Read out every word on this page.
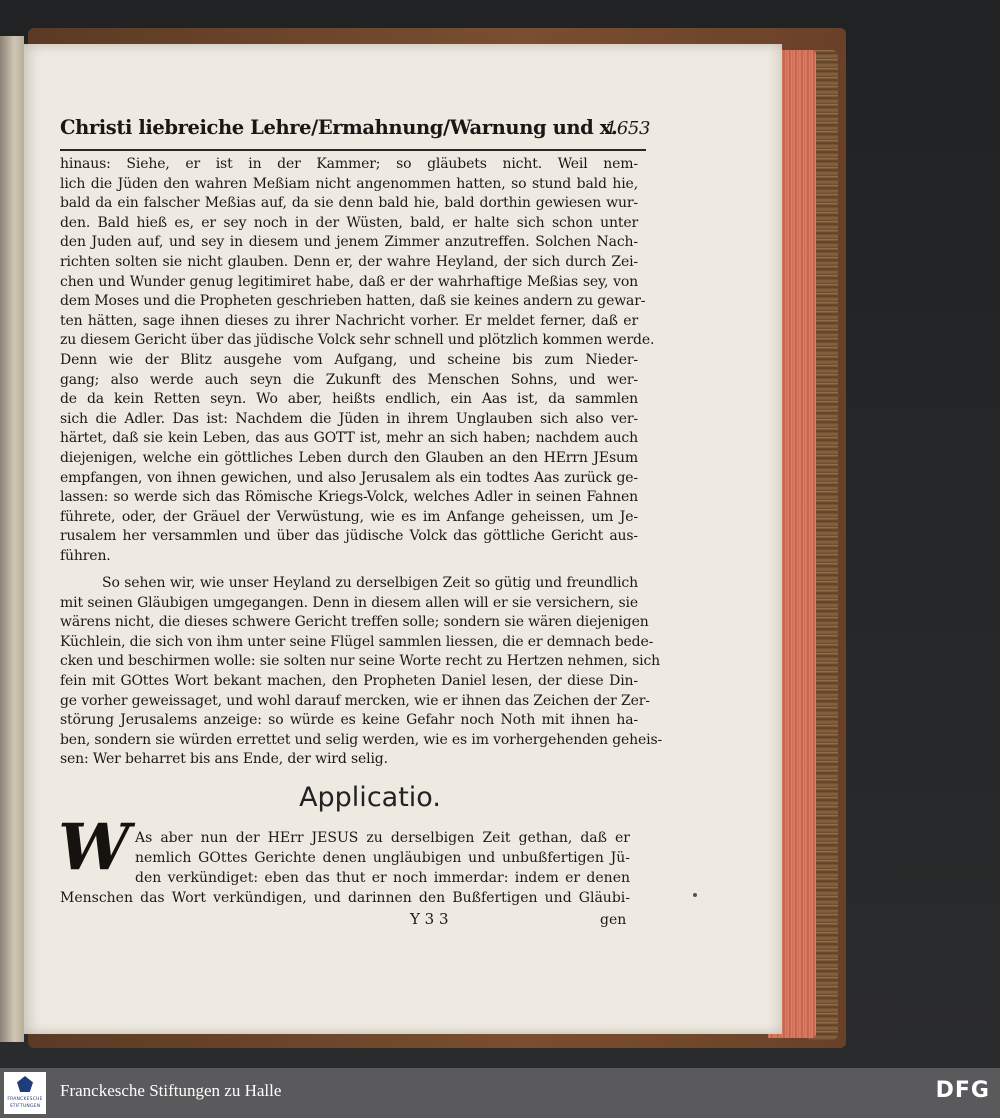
Christi liebreiche Lehre/Ermahnung/Warnung und x.
1653
hinaus: Siehe, er ist in der Kammer; so gläubets nicht. Weil nem-
lich die Jüden den wahren Meßiam nicht angenommen hatten, so stund bald hie,
bald da ein falscher Meßias auf, da sie denn bald hie, bald dorthin gewiesen wur-
den. Bald hieß es, er sey noch in der Wüsten, bald, er halte sich schon unter
den Juden auf, und sey in diesem und jenem Zimmer anzutreffen. Solchen Nach-
richten solten sie nicht glauben. Denn er, der wahre Heyland, der sich durch Zei-
chen und Wunder genug legitimiret habe, daß er der wahrhaftige Meßias sey, von
dem Moses und die Propheten geschrieben hatten, daß sie keines andern zu gewar-
ten hätten, sage ihnen dieses zu ihrer Nachricht vorher. Er meldet ferner, daß er
zu diesem Gericht über das jüdische Volck sehr schnell und plötzlich kommen werde.
Denn wie der Blitz ausgehe vom Aufgang, und scheine bis zum Nieder-
gang; also werde auch seyn die Zukunft des Menschen Sohns, und wer-
de da kein Retten seyn. Wo aber, heißts endlich, ein Aas ist, da sammlen
sich die Adler. Das ist: Nachdem die Jüden in ihrem Unglauben sich also ver-
härtet, daß sie kein Leben, das aus GOTT ist, mehr an sich haben; nachdem auch
diejenigen, welche ein göttliches Leben durch den Glauben an den HErrn JEsum
empfangen, von ihnen gewichen, und also Jerusalem als ein todtes Aas zurück ge-
lassen: so werde sich das Römische Kriegs-Volck, welches Adler in seinen Fahnen
führete, oder, der Gräuel der Verwüstung, wie es im Anfange geheissen, um Je-
rusalem her versammlen und über das jüdische Volck das göttliche Gericht aus-
führen.
So sehen wir, wie unser Heyland zu derselbigen Zeit so gütig und freundlich
mit seinen Gläubigen umgegangen. Denn in diesem allen will er sie versichern, sie
wärens nicht, die dieses schwere Gericht treffen solle; sondern sie wären diejenigen
Küchlein, die sich von ihm unter seine Flügel sammlen liessen, die er demnach bede-
cken und beschirmen wolle: sie solten nur seine Worte recht zu Hertzen nehmen, sich
fein mit GOttes Wort bekant machen, den Propheten Daniel lesen, der diese Din-
ge vorher geweissaget, und wohl darauf mercken, wie er ihnen das Zeichen der Zer-
störung Jerusalems anzeige: so würde es keine Gefahr noch Noth mit ihnen ha-
ben, sondern sie würden errettet und selig werden, wie es im vorhergehenden geheis-
sen: Wer beharret bis ans Ende, der wird selig.
Applicatio.
W As aber nun der HErr JESUS zu derselbigen Zeit gethan, daß er
nemlich GOttes Gerichte denen ungläubigen und unbußfertigen Jü-
den verkündiget: eben das thut er noch immerdar: indem er denen
Menschen das Wort verkündigen, und darinnen den Bußfertigen und Gläubi-
Y 3 3	gen
FRANCKESCHE
STIFTUNGEN
Franckesche Stiftungen zu Halle	DFG
